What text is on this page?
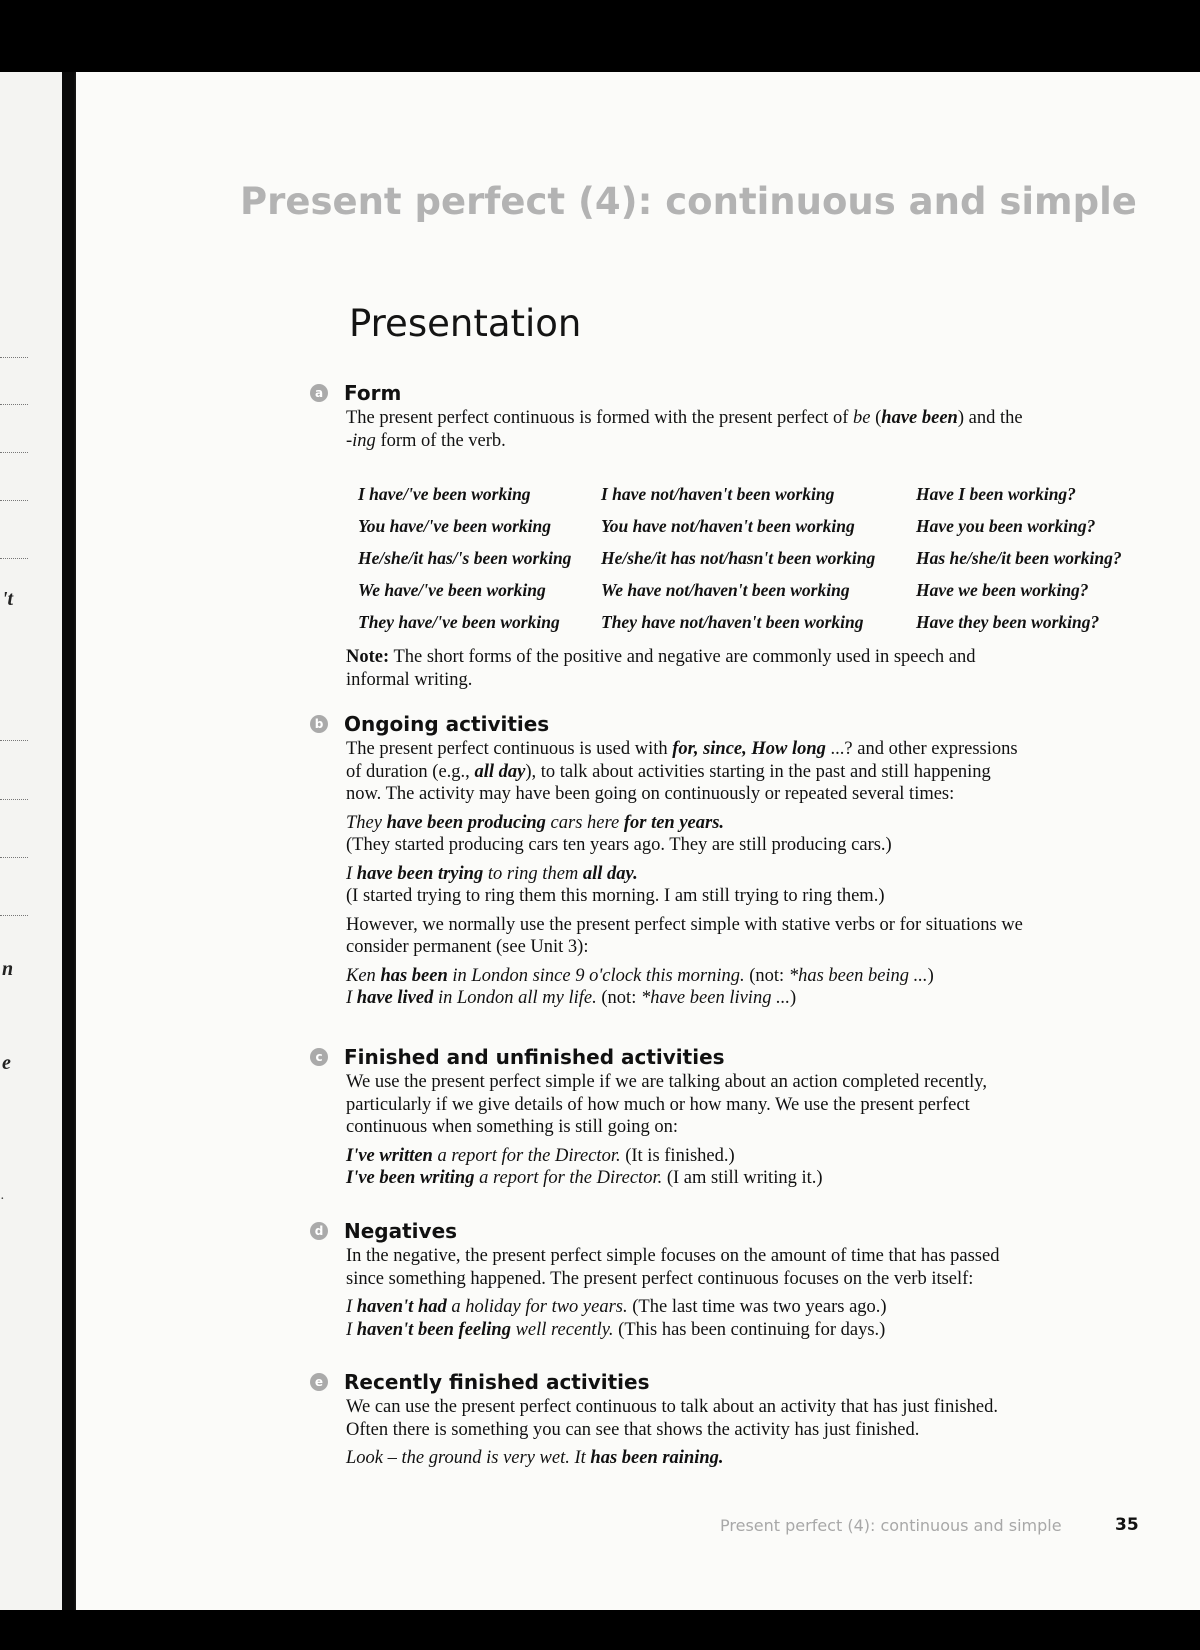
't
n
e
·
Present perfect (4): continuous and simple
Presentation
a Form

The present perfect continuous is formed with the present perfect of be (have been) and the
-ing form of the verb.

I have/'ve been working	I have not/haven't been working	Have I been working?
You have/'ve been working	You have not/haven't been working	Have you been working?
He/she/it has/'s been working	He/she/it has not/hasn't been working	Has he/she/it been working?
We have/'ve been working	We have not/haven't been working	Have we been working?
They have/'ve been working	They have not/haven't been working	Have they been working?

Note: The short forms of the positive and negative are commonly used in speech and
informal writing.

b Ongoing activities

The present perfect continuous is used with for, since, How long ...? and other expressions
of duration (e.g., all day), to talk about activities starting in the past and still happening
now. The activity may have been going on continuously or repeated several times:

They have been producing cars here for ten years.
(They started producing cars ten years ago. They are still producing cars.)

I have been trying to ring them all day.
(I started trying to ring them this morning. I am still trying to ring them.)

However, we normally use the present perfect simple with stative verbs or for situations we
consider permanent (see Unit 3):

Ken has been in London since 9 o'clock this morning. (not: *has been being ...)
I have lived in London all my life. (not: *have been living ...)

c Finished and unfinished activities

We use the present perfect simple if we are talking about an action completed recently,
particularly if we give details of how much or how many. We use the present perfect
continuous when something is still going on:

I've written a report for the Director. (It is finished.)
I've been writing a report for the Director. (I am still writing it.)

d Negatives

In the negative, the present perfect simple focuses on the amount of time that has passed
since something happened. The present perfect continuous focuses on the verb itself:

I haven't had a holiday for two years. (The last time was two years ago.)
I haven't been feeling well recently. (This has been continuing for days.)

e Recently finished activities

We can use the present perfect continuous to talk about an activity that has just finished.
Often there is something you can see that shows the activity has just finished.

Look – the ground is very wet. It has been raining.

Present perfect (4): continuous and simple	35
